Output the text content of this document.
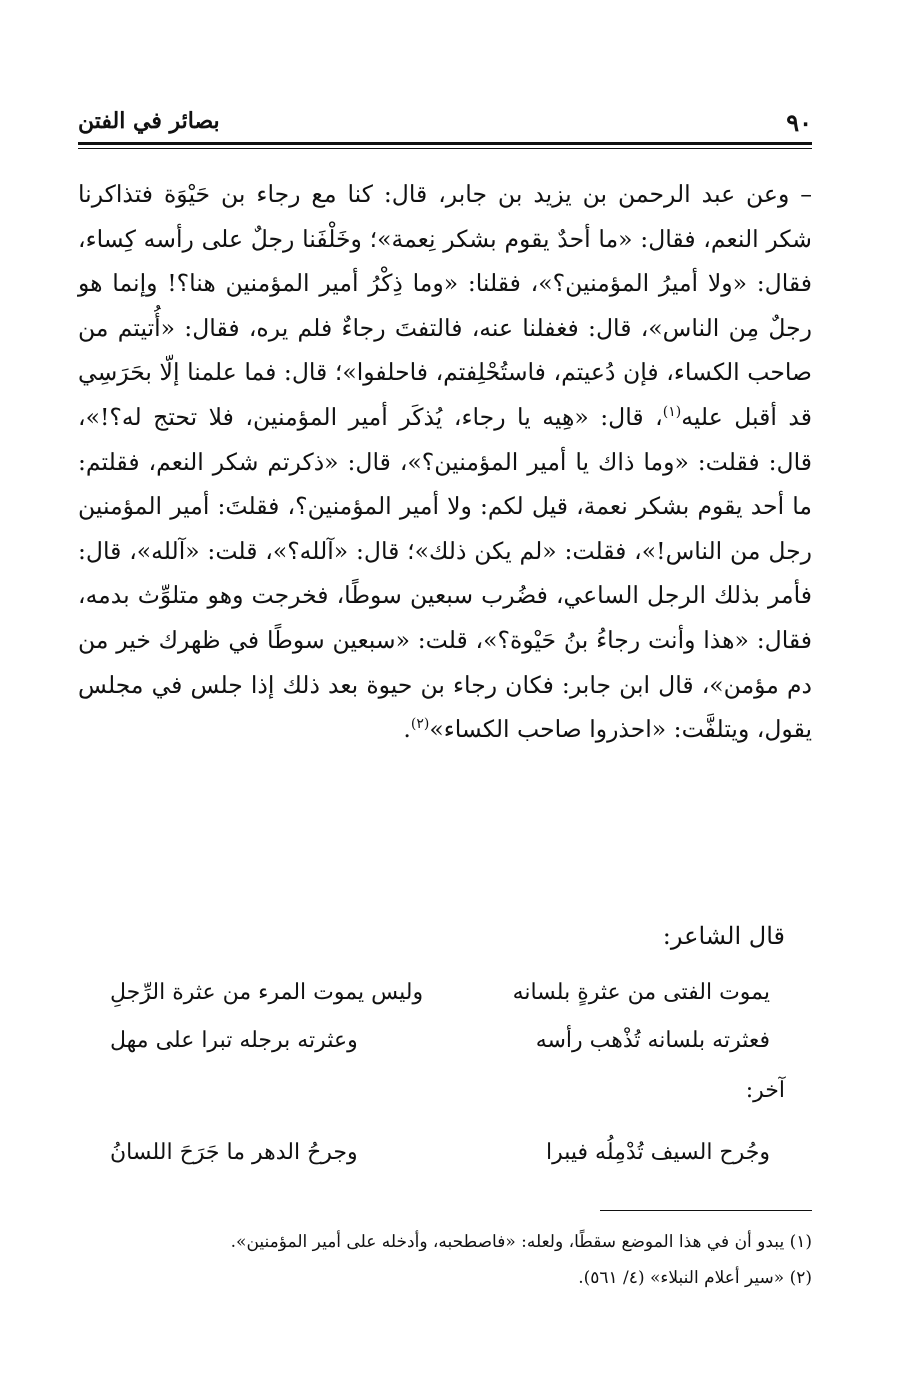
٩٠
بصائر في الفتن

– وعن عبد الرحمن بن يزيد بن جابر، قال: كنا مع رجاء بن حَيْوَة فتذاكرنا شكر النعم، فقال: «ما أحدٌ يقوم بشكر نِعمة»؛ وخَلْفَنا رجلٌ على رأسه كِساء، فقال: «ولا أميرُ المؤمنين؟»، فقلنا: «وما ذِكْرُ أمير المؤمنين هنا؟! وإنما هو رجلٌ مِن الناس»، قال: فغفلنا عنه، فالتفتَ رجاءٌ فلم يره، فقال: «أُتيتم من صاحب الكساء، فإن دُعيتم، فاستُحْلِفتم، فاحلفوا»؛ قال: فما علمنا إلّا بحَرَسِي قد أقبل عليه$^{(١)}$، قال: «هِيه يا رجاء، يُذكَر أمير المؤمنين، فلا تحتج له؟!»، قال: فقلت: «وما ذاك يا أمير المؤمنين؟»، قال: «ذكرتم شكر النعم، فقلتم: ما أحد يقوم بشكر نعمة، قيل لكم: ولا أمير المؤمنين؟، فقلتَ: أمير المؤمنين رجل من الناس!»، فقلت: «لم يكن ذلك»؛ قال: «آلله؟»، قلت: «آلله»، قال: فأمر بذلك الرجل الساعي، فضُرب سبعين سوطًا، فخرجت وهو متلوِّث بدمه، فقال: «هذا وأنت رجاءُ بنُ حَيْوة؟»، قلت: «سبعين سوطًا في ظهرك خير من دم مؤمن»، قال ابن جابر: فكان رجاء بن حيوة بعد ذلك إذا جلس في مجلس يقول، ويتلفَّت: «احذروا صاحب الكساء»$^{(٢)}$.

قال الشاعر:
يموت الفتى من عثرةٍ بلسانه
وليس يموت المرء من عثرة الرِّجلِ
فعثرته بلسانه تُذْهب رأسه
وعثرته برجله تبرا على مهل
آخر:
وجُرح السيف تُدْمِلُه فيبرا
وجرحُ الدهر ما جَرَحَ اللسانُ
(١) يبدو أن في هذا الموضع سقطًا، ولعله: «فاصطحبه، وأدخله على أمير المؤمنين».
(٢) «سير أعلام النبلاء» (٤/ ٥٦١).
